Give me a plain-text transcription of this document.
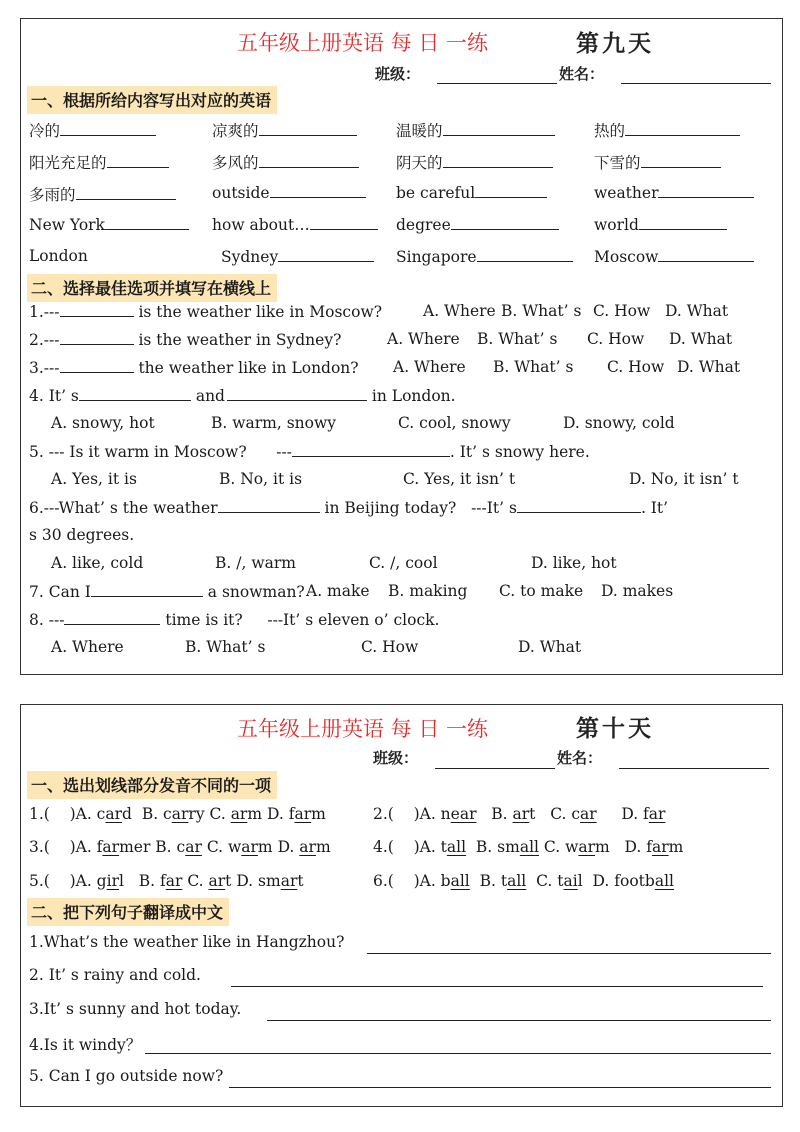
五年级上册英语 每 日 一练	第九天
班级：	姓名：
一、根据所给内容写出对应的英语
冷的	凉爽的	温暖的	热的
阳光充足的	多风的	阴天的	下雪的
多雨的	outside	be careful	weather
New York	how about…	degree	world
London	Sydney	Singapore	Moscow
二、选择最佳选项并填写在横线上
1.---	is the weather like in Moscow?	A. Where B. What’ s C. How D. What
2.---	is the weather in Sydney?	A. Where B. What’ s C. How D. What
3.---	the weather like in London? A. Where B. What’ s C. How D. What
4. It’ s	and	in London.
A. snowy, hot	B. warm, snowy	C. cool, snowy	D. snowy, cold
5. --- Is it warm in Moscow? ---	. It’ s snowy here.
A. Yes, it is	B. No, it is	C. Yes, it isn’ t	D. No, it isn’ t
6.---What’ s the weather	in Beijing today? ---It’ s	. It’
s 30 degrees.
A. like, cold	B. /, warm	C. /, cool	D. like, hot
7. Can I	a snowman? A. make B. making C. to make D. makes
8. ---	time is it? ---It’ s eleven o’ clock.
A. Where	B. What’ s	C. How	D. What
五年级上册英语 每 日 一练	第十天
班级：	姓名：
一、选出划线部分发音不同的一项
1.( )A. card B. carry C. arm D. farm	2.( )A. near B. art C. car D. far
3.( )A. farmer B. car C. warm D. arm	4.( )A. tall B. small C. warm D. farm
5.( )A. girl B. far C. art D. smart	6.( )A. ball B. tall C. tail D. football
二、把下列句子翻译成中文
1.What’s the weather like in Hangzhou?
2. It’ s rainy and cold.
3.It’ s sunny and hot today.
4.Is it windy？
5. Can I go outside now?
